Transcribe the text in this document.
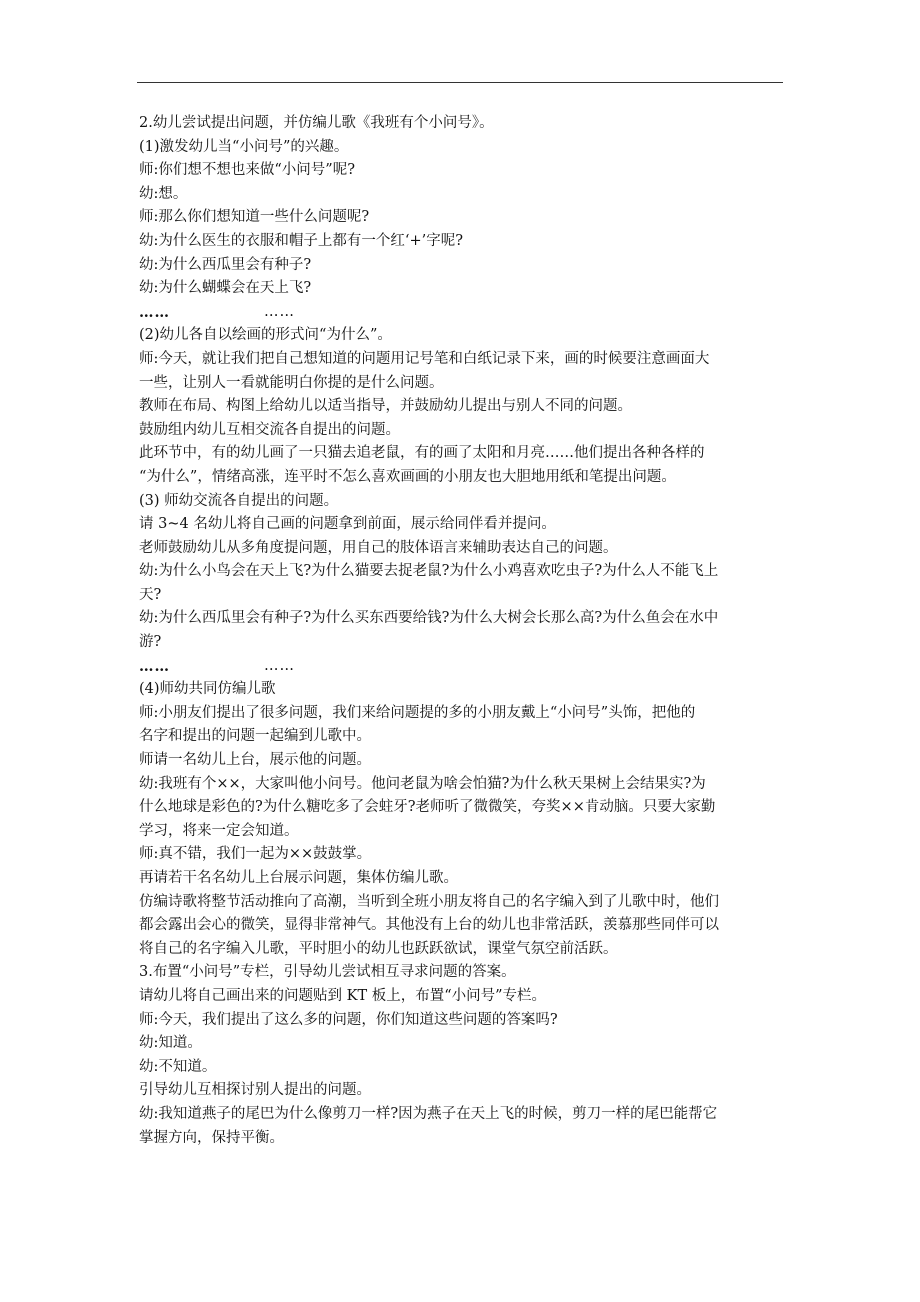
2.幼儿尝试提出问题，并仿编儿歌《我班有个小问号》。
(1)激发幼儿当“小问号”的兴趣。
师:你们想不想也来做“小问号”呢?
幼:想。
师:那么你们想知道一些什么问题呢?
幼:为什么医生的衣服和帽子上都有一个红‘+’字呢?
幼:为什么西瓜里会有种子?
幼:为什么蝴蝶会在天上飞?
……	……
(2)幼儿各自以绘画的形式问“为什么”。
师:今天，就让我们把自己想知道的问题用记号笔和白纸记录下来，画的时候要注意画面大
一些，让别人一看就能明白你提的是什么问题。
教师在布局、构图上给幼儿以适当指导，并鼓励幼儿提出与别人不同的问题。
鼓励组内幼儿互相交流各自提出的问题。
此环节中，有的幼儿画了一只猫去追老鼠，有的画了太阳和月亮……他们提出各种各样的
“为什么”，情绪高涨，连平时不怎么喜欢画画的小朋友也大胆地用纸和笔提出问题。
(3) 师幼交流各自提出的问题。
请 3~4 名幼儿将自己画的问题拿到前面，展示给同伴看并提问。
老师鼓励幼儿从多角度提问题，用自己的肢体语言来辅助表达自己的问题。
幼:为什么小鸟会在天上飞?为什么猫要去捉老鼠?为什么小鸡喜欢吃虫子?为什么人不能飞上
天?
幼:为什么西瓜里会有种子?为什么买东西要给钱?为什么大树会长那么高?为什么鱼会在水中
游?
……	……
(4)师幼共同仿编儿歌
师:小朋友们提出了很多问题，我们来给问题提的多的小朋友戴上“小问号”头饰，把他的
名字和提出的问题一起编到儿歌中。
师请一名幼儿上台，展示他的问题。
幼:我班有个××，大家叫他小问号。他问老鼠为啥会怕猫?为什么秋天果树上会结果实?为
什么地球是彩色的?为什么糖吃多了会蛀牙?老师听了微微笑，夸奖××肯动脑。只要大家勤
学习，将来一定会知道。
师:真不错，我们一起为××鼓鼓掌。
再请若干名名幼儿上台展示问题，集体仿编儿歌。
仿编诗歌将整节活动推向了高潮，当听到全班小朋友将自己的名字编入到了儿歌中时，他们
都会露出会心的微笑，显得非常神气。其他没有上台的幼儿也非常活跃，羡慕那些同伴可以
将自己的名字编入儿歌，平时胆小的幼儿也跃跃欲试，课堂气氛空前活跃。
3.布置“小问号”专栏，引导幼儿尝试相互寻求问题的答案。
请幼儿将自己画出来的问题贴到 KT 板上，布置“小问号”专栏。
师:今天，我们提出了这么多的问题，你们知道这些问题的答案吗?
幼:知道。
幼:不知道。
引导幼儿互相探讨别人提出的问题。
幼:我知道燕子的尾巴为什么像剪刀一样?因为燕子在天上飞的时候，剪刀一样的尾巴能帮它
掌握方向，保持平衡。
